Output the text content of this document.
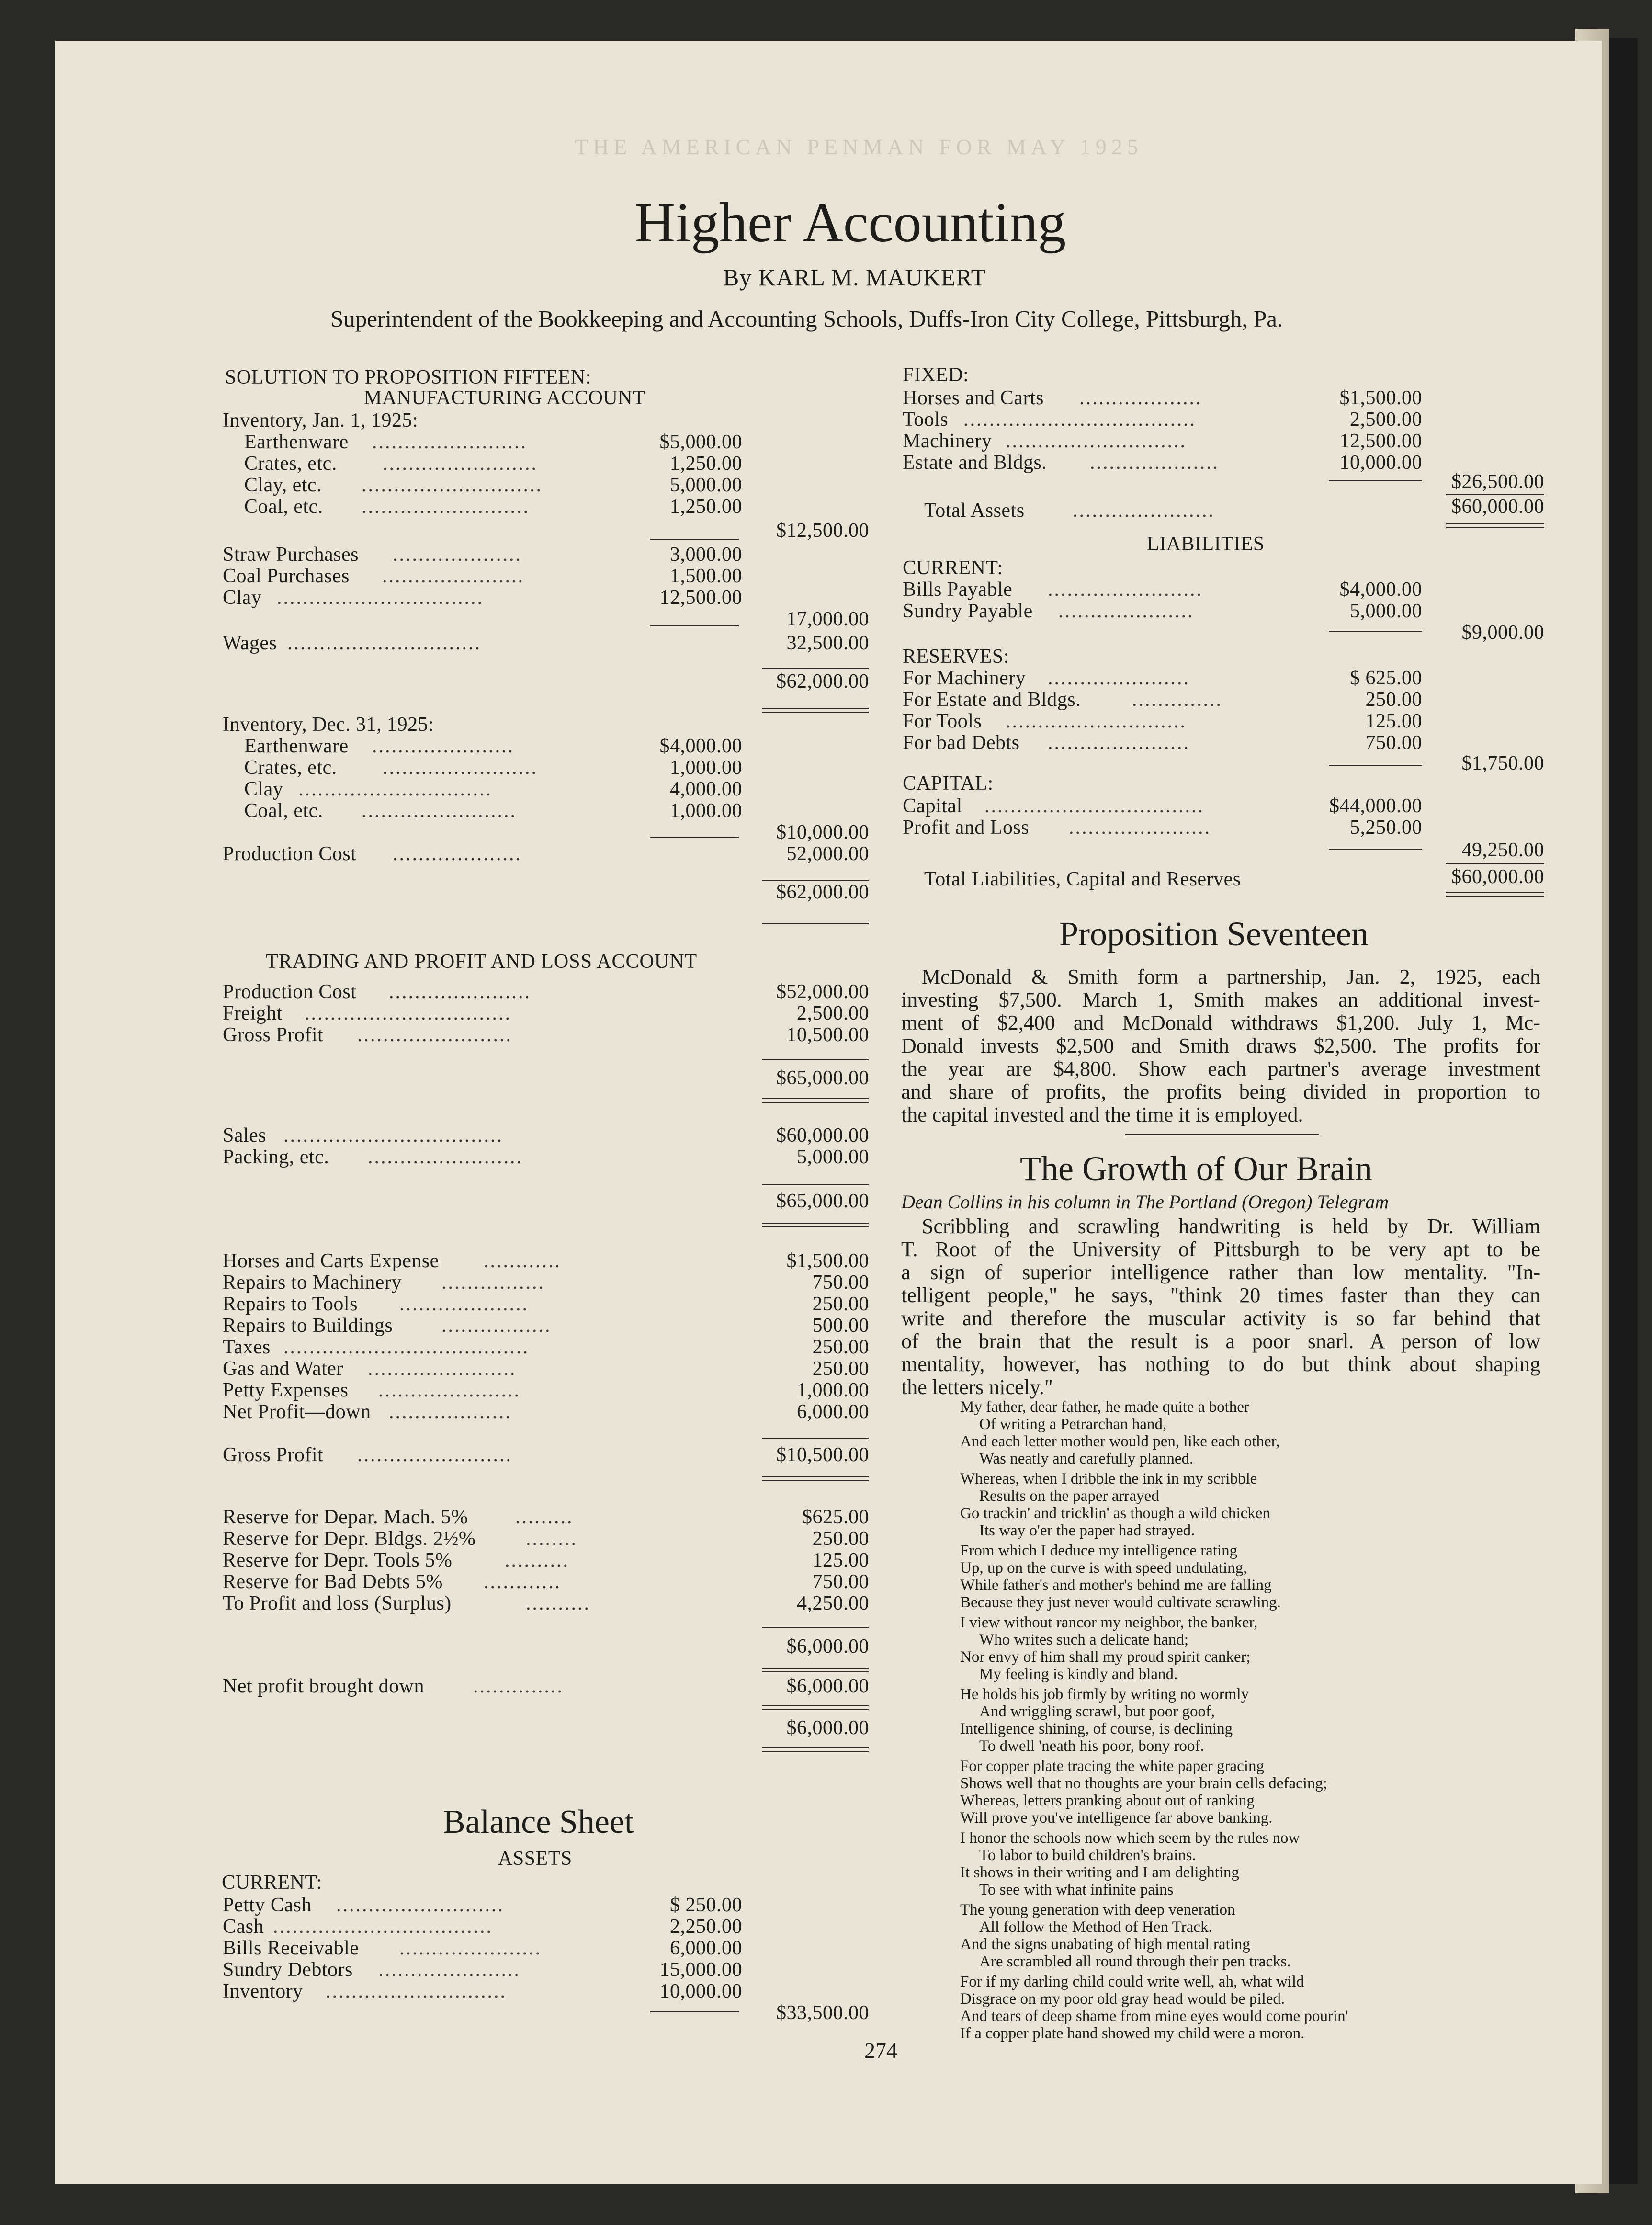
THE AMERICAN PENMAN FOR MAY 1925
Higher Accounting
By KARL M. MAUKERT
Superintendent of the Bookkeeping and Accounting Schools, Duffs-Iron City College, Pittsburgh, Pa.
SOLUTION TO PROPOSITION FIFTEEN:
MANUFACTURING ACCOUNT
Inventory, Jan. 1, 1925:
Earthenware ........................	$5,000.00
Crates, etc. ........................	1,250.00
Clay, etc. ............................	5,000.00
Coal, etc. ..........................	1,250.00
$12,500.00
Straw Purchases ....................	3,000.00
Coal Purchases ......................	1,500.00
Clay ................................	12,500.00
17,000.00
Wages ..............................	32,500.00
$62,000.00
Inventory, Dec. 31, 1925:
Earthenware ......................	$4,000.00
Crates, etc. ........................	1,000.00
Clay ..............................	4,000.00
Coal, etc. ........................	1,000.00
$10,000.00
Production Cost ....................	52,000.00
$62,000.00
TRADING AND PROFIT AND LOSS ACCOUNT
Production Cost ......................	$52,000.00
Freight ................................	2,500.00
Gross Profit ........................	10,500.00
$65,000.00
Sales ..................................	$60,000.00
Packing, etc. ........................	5,000.00
$65,000.00
Horses and Carts Expense ............	$1,500.00
Repairs to Machinery ................	750.00
Repairs to Tools ....................	250.00
Repairs to Buildings .................	500.00
Taxes ......................................	250.00
Gas and Water .......................	250.00
Petty Expenses ......................	1,000.00
Net Profit—down ...................	6,000.00
Gross Profit ........................	$10,500.00
Reserve for Depar. Mach. 5% .........	$625.00
Reserve for Depr. Bldgs. 2½% ........	250.00
Reserve for Depr. Tools 5%	..........	125.00
Reserve for Bad Debts 5% ............	750.00
To Profit and loss (Surplus)	..........	4,250.00
$6,000.00
Net profit brought down ..............	$6,000.00
$6,000.00
Balance Sheet
ASSETS
CURRENT:
Petty Cash ..........................	$ 250.00
Cash ..................................	2,250.00
Bills Receivable ......................	6,000.00
Sundry Debtors ......................	15,000.00
Inventory ............................	10,000.00
$33,500.00
FIXED:
Horses and Carts ...................	$1,500.00
Tools ....................................	2,500.00
Machinery ............................	12,500.00
Estate and Bldgs. ....................	10,000.00
$26,500.00
Total Assets ......................	$60,000.00
LIABILITIES
CURRENT:
Bills Payable ........................	$4,000.00
Sundry Payable .....................	5,000.00
$9,000.00
RESERVES:
For Machinery ......................	$ 625.00
For Estate and Bldgs.	..............	250.00
For Tools ............................	125.00
For bad Debts ......................	750.00
$1,750.00
CAPITAL:
Capital ..................................	$44,000.00
Profit and Loss ......................	5,250.00
49,250.00
Total Liabilities, Capital and Reserves	$60,000.00
Proposition Seventeen
McDonald & Smith form a partnership, Jan. 2, 1925, each
investing $7,500. March 1, Smith makes an additional invest-
ment of $2,400 and McDonald withdraws $1,200. July 1, Mc-
Donald invests $2,500 and Smith draws $2,500. The profits for
the year are $4,800. Show each partner's average investment
and share of profits, the profits being divided in proportion to
the capital invested and the time it is employed.
The Growth of Our Brain
Dean Collins in his column in The Portland (Oregon) Telegram
Scribbling and scrawling handwriting is held by Dr. William
T. Root of the University of Pittsburgh to be very apt to be
a sign of superior intelligence rather than low mentality. "In-
telligent people," he says, "think 20 times faster than they can
write and therefore the muscular activity is so far behind that
of the brain that the result is a poor snarl. A person of low
mentality, however, has nothing to do but think about shaping
the letters nicely."
My father, dear father, he made quite a bother
Of writing a Petrarchan hand,
And each letter mother would pen, like each other,
Was neatly and carefully planned.
Whereas, when I dribble the ink in my scribble
Results on the paper arrayed
Go trackin' and tricklin' as though a wild chicken
Its way o'er the paper had strayed.
From which I deduce my intelligence rating
Up, up on the curve is with speed undulating,
While father's and mother's behind me are falling
Because they just never would cultivate scrawling.
I view without rancor my neighbor, the banker,
Who writes such a delicate hand;
Nor envy of him shall my proud spirit canker;
My feeling is kindly and bland.
He holds his job firmly by writing no wormly
And wriggling scrawl, but poor goof,
Intelligence shining, of course, is declining
To dwell 'neath his poor, bony roof.
For copper plate tracing the white paper gracing
Shows well that no thoughts are your brain cells defacing;
Whereas, letters pranking about out of ranking
Will prove you've intelligence far above banking.
I honor the schools now which seem by the rules now
To labor to build children's brains.
It shows in their writing and I am delighting
To see with what infinite pains
The young generation with deep veneration
All follow the Method of Hen Track.
And the signs unabating of high mental rating
Are scrambled all round through their pen tracks.
For if my darling child could write well, ah, what wild
Disgrace on my poor old gray head would be piled.
And tears of deep shame from mine eyes would come pourin'
If a copper plate hand showed my child were a moron.
274
